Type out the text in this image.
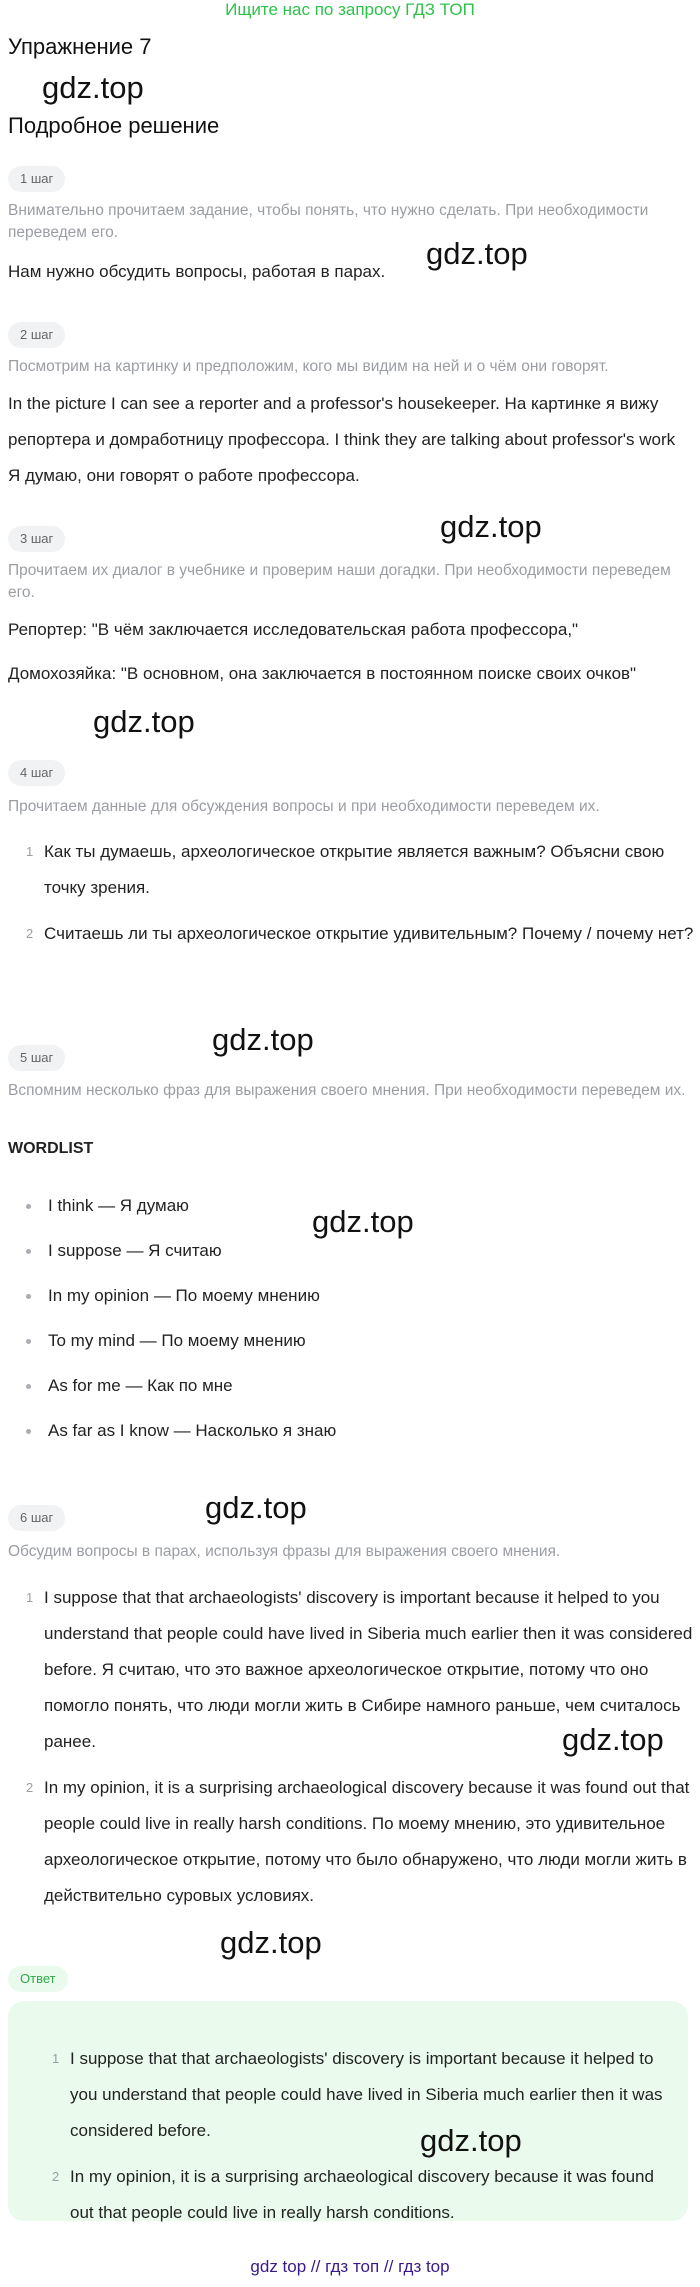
Ищите нас по запросу ГДЗ ТОП
Упражнение 7
gdz.top
Подробное решение
1 шаг
Внимательно прочитаем задание, чтобы понять, что нужно сделать. При необходимости переведем его.
Нам нужно обсудить вопросы, работая в парах.
gdz.top
2 шаг
Посмотрим на картинку и предположим, кого мы видим на ней и о чём они говорят.
In the picture I can see a reporter and a professor's housekeeper. На картинке я вижу репортера и домработницу профессора. I think they are talking about professor's work Я думаю, они говорят о работе профессора.
gdz.top
3 шаг
Прочитаем их диалог в учебнике и проверим наши догадки. При необходимости переведем его.
Репортер: "В чём заключается исследовательская работа профессора,"
Домохозяйка: "В основном, она заключается в постоянном поиске своих очков"
gdz.top
4 шаг
Прочитаем данные для обсуждения вопросы и при необходимости переведем их.
1 Как ты думаешь, археологическое открытие является важным? Объясни свою точку зрения.
2 Считаешь ли ты археологическое открытие удивительным? Почему / почему нет?
gdz.top
5 шаг
Вспомним несколько фраз для выражения своего мнения. При необходимости переведем их.
WORDLIST
I think — Я думаю	gdz.top
I suppose — Я считаю
In my opinion — По моему мнению
To my mind — По моему мнению
As for me — Как по мне
As far as I know — Насколько я знаю
gdz.top
6 шаг
Обсудим вопросы в парах, используя фразы для выражения своего мнения.
1 I suppose that that archaeologists' discovery is important because it helped to you understand that people could have lived in Siberia much earlier then it was considered before. Я считаю, что это важное археологическое открытие, потому что оно помогло понять, что люди могли жить в Сибире намного раньше, чем считалось ранее.	gdz.top
2 In my opinion, it is a surprising archaeological discovery because it was found out that people could live in really harsh conditions. По моему мнению, это удивительное археологическое открытие, потому что было обнаружено, что люди могли жить в действительно суровых условиях.
gdz.top
Ответ
1 I suppose that that archaeologists' discovery is important because it helped to you understand that people could have lived in Siberia much earlier then it was considered before.	gdz.top
2 In my opinion, it is a surprising archaeological discovery because it was found out that people could live in really harsh conditions.
gdz top // гдз топ // гдз top
